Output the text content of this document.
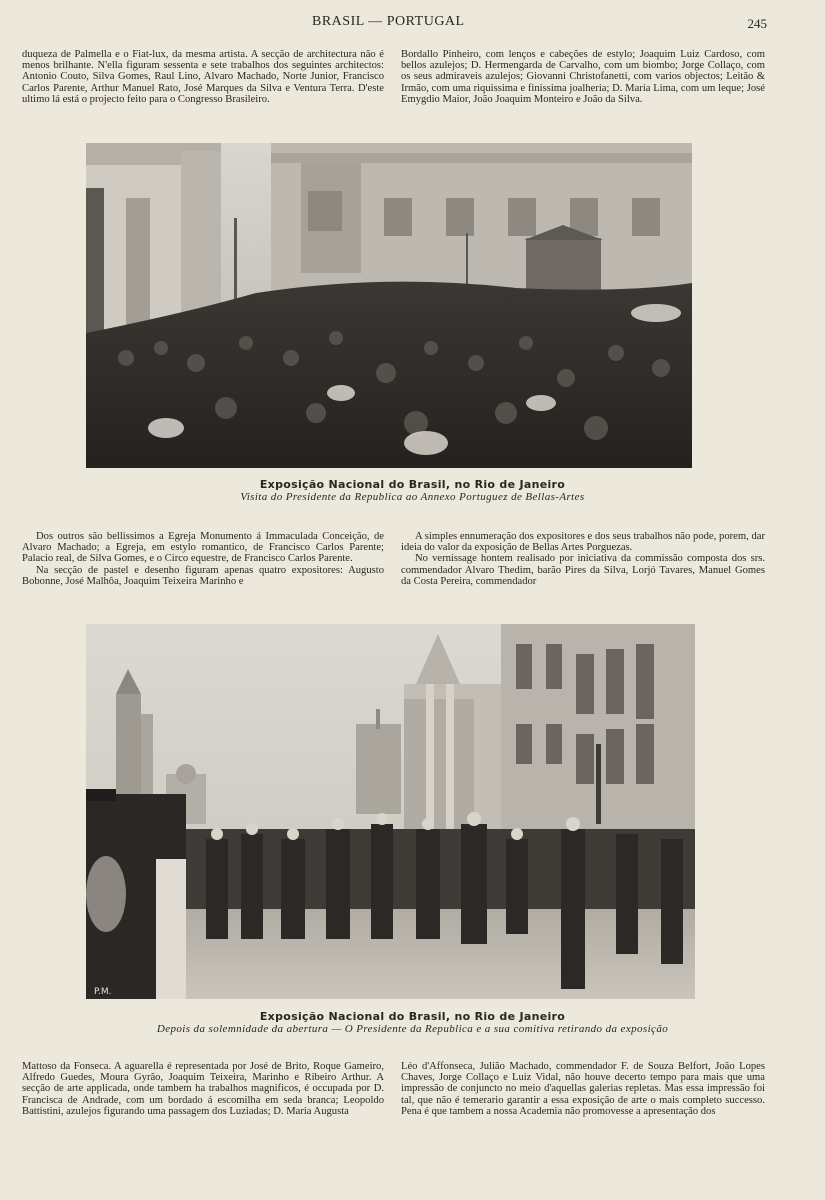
BRASIL — PORTUGAL	245

duqueza de Palmella e o Fiat-lux, da mesma artista. A secção de architectura não é menos brilhante. N'ella figuram sessenta e sete trabalhos dos seguintes architectos: Antonio Couto, Silva Gomes, Raul Lino, Alvaro Machado, Norte Junior, Francisco Carlos Parente, Arthur Manuel Rato, José Marques da Silva e Ventura Terra. D'este ultimo lá está o projecto feito para o Congresso Brasileiro.

Bordallo Pinheiro, com lenços e cabeções de estylo; Joaquim Luiz Cardoso, com bellos azulejos; D. Hermengarda de Carvalho, com um biombo; Jorge Collaço, com os seus admiraveis azulejos; Giovanni Christofanetti, com varios objectos; Leitão & Irmão, com uma riquissima e finissima joalheria; D. Maria Lima, com um leque; José Emygdio Maior, João Joaquim Monteiro e João da Silva.

Exposição Nacional do Brasil, no Rio de Janeiro
Visita do Presidente da Republica ao Annexo Portuguez de Bellas-Artes

Dos outros são bellissimos a Egreja Monumento á Immaculada Conceição, de Alvaro Machado; a Egreja, em estylo romantico, de Francisco Carlos Parente; Palacio real, de Silva Gomes, e o Circo equestre, de Francisco Carlos Parente.

Na secção de pastel e desenho figuram apenas quatro expositores: Augusto Bobonne, José Malhôa, Joaquim Teixeira Marinho e

A simples ennumeração dos expositores e dos seus trabalhos não pode, porem, dar ideia do valor da exposição de Bellas Artes Porguezas.

No vernissage hontem realisado por iniciativa da commissão composta dos srs. commendador Alvaro Thedim, barão Pires da Silva, Lorjó Tavares, Manuel Gomes da Costa Pereira, commendador

P.M.
Exposição Nacional do Brasil, no Rio de Janeiro
Depois da solemnidade da abertura — O Presidente da Republica e a sua comitiva retirando da exposição

Mattoso da Fonseca. A aguarella é representada por José de Brito, Roque Gameiro, Alfredo Guedes, Moura Gyrão, Joaquim Teixeira, Marinho e Ribeiro Arthur. A secção de arte applicada, onde tambem ha trabalhos magnificos, é occupada por D. Francisca de Andrade, com um bordado á escomilha em seda branca; Leopoldo Battistini, azulejos figurando uma passagem dos Luziadas; D. Maria Augusta

Léo d'Affonseca, Julião Machado, commendador F. de Souza Belfort, João Lopes Chaves, Jorge Collaço e Luiz Vidal, não houve decerto tempo para mais que uma impressão de conjuncto no meio d'aquellas galerias repletas. Mas essa impressão foi tal, que não é temerario garantir a essa exposição de arte o mais completo successo. Pena é que tambem a nossa Academia não promovesse a apresentação dos
